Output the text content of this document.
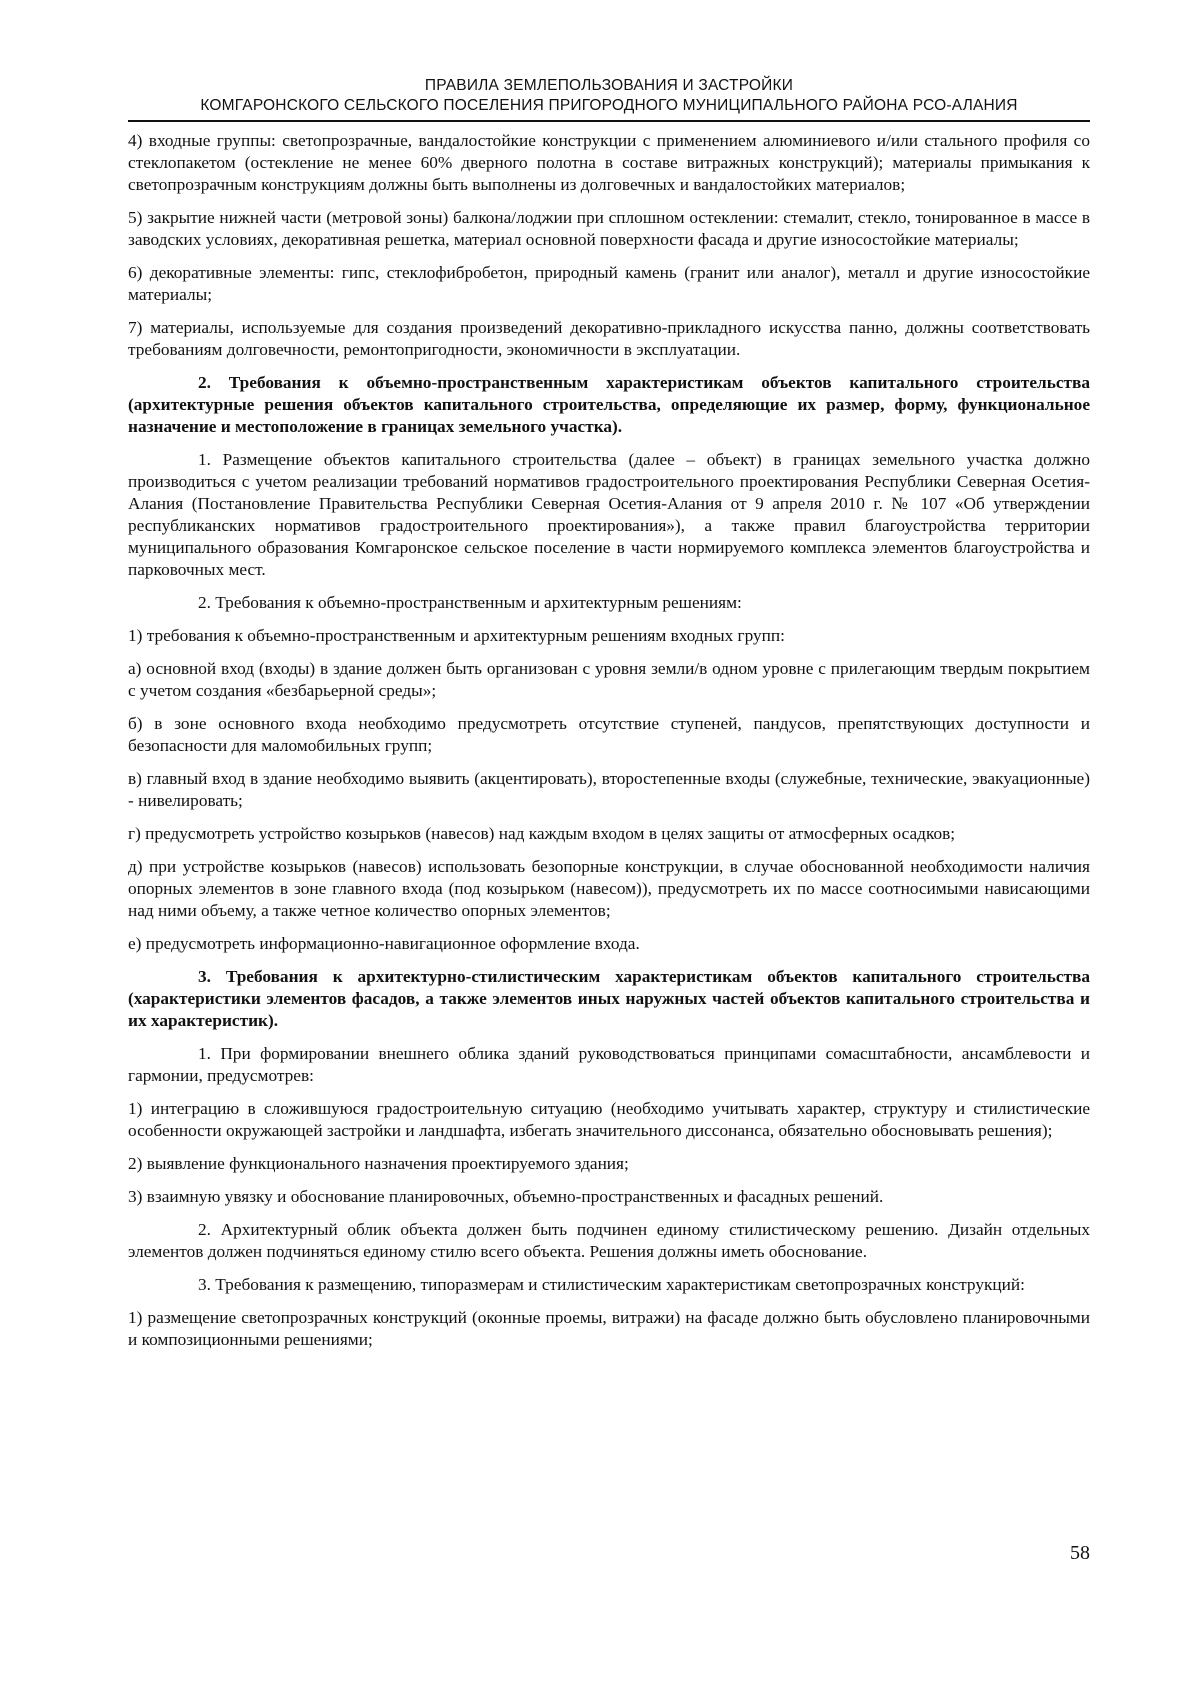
ПРАВИЛА ЗЕМЛЕПОЛЬЗОВАНИЯ И ЗАСТРОЙКИ
КОМГАРОНСКОГО СЕЛЬСКОГО ПОСЕЛЕНИЯ ПРИГОРОДНОГО МУНИЦИПАЛЬНОГО РАЙОНА РСО-АЛАНИЯ

4) входные группы: светопрозрачные, вандалостойкие конструкции с применением алюминиевого и/или стального профиля со стеклопакетом (остекление не менее 60% дверного полотна в составе витражных конструкций); материалы примыкания к светопрозрачным конструкциям должны быть выполнены из долговечных и вандалостойких материалов;

5) закрытие нижней части (метровой зоны) балкона/лоджии при сплошном остеклении: стемалит, стекло, тонированное в массе в заводских условиях, декоративная решетка, материал основной поверхности фасада и другие износостойкие материалы;

6) декоративные элементы: гипс, стеклофибробетон, природный камень (гранит или аналог), металл и другие износостойкие материалы;

7) материалы, используемые для создания произведений декоративно-прикладного искусства панно, должны соответствовать требованиям долговечности, ремонтопригодности, экономичности в эксплуатации.

2. Требования к объемно-пространственным характеристикам объектов капитального строительства (архитектурные решения объектов капитального строительства, определяющие их размер, форму, функциональное назначение и местоположение в границах земельного участка).

1. Размещение объектов капитального строительства (далее – объект) в границах земельного участка должно производиться с учетом реализации требований нормативов градостроительного проектирования Республики Северная Осетия-Алания (Постановление Правительства Республики Северная Осетия-Алания от 9 апреля 2010 г. № 107 «Об утверждении республиканских нормативов градостроительного проектирования»), а также правил благоустройства территории муниципального образования Комгаронское сельское поселение в части нормируемого комплекса элементов благоустройства и парковочных мест.

2. Требования к объемно-пространственным и архитектурным решениям:

1) требования к объемно-пространственным и архитектурным решениям входных групп:

а) основной вход (входы) в здание должен быть организован с уровня земли/в одном уровне с прилегающим твердым покрытием с учетом создания «безбарьерной среды»;

б) в зоне основного входа необходимо предусмотреть отсутствие ступеней, пандусов, препятствующих доступности и безопасности для маломобильных групп;

в) главный вход в здание необходимо выявить (акцентировать), второстепенные входы (служебные, технические, эвакуационные) - нивелировать;

г) предусмотреть устройство козырьков (навесов) над каждым входом в целях защиты от атмосферных осадков;

д) при устройстве козырьков (навесов) использовать безопорные конструкции, в случае обоснованной необходимости наличия опорных элементов в зоне главного входа (под козырьком (навесом)), предусмотреть их по массе соотносимыми нависающими над ними объему, а также четное количество опорных элементов;

е) предусмотреть информационно-навигационное оформление входа.

3. Требования к архитектурно-стилистическим характеристикам объектов капитального строительства (характеристики элементов фасадов, а также элементов иных наружных частей объектов капитального строительства и их характеристик).

1. При формировании внешнего облика зданий руководствоваться принципами сомасштабности, ансамблевости и гармонии, предусмотрев:

1) интеграцию в сложившуюся градостроительную ситуацию (необходимо учитывать характер, структуру и стилистические особенности окружающей застройки и ландшафта, избегать значительного диссонанса, обязательно обосновывать решения);

2) выявление функционального назначения проектируемого здания;

3) взаимную увязку и обоснование планировочных, объемно-пространственных и фасадных решений.

2. Архитектурный облик объекта должен быть подчинен единому стилистическому решению. Дизайн отдельных элементов должен подчиняться единому стилю всего объекта. Решения должны иметь обоснование.

3. Требования к размещению, типоразмерам и стилистическим характеристикам светопрозрачных конструкций:

1) размещение светопрозрачных конструкций (оконные проемы, витражи) на фасаде должно быть обусловлено планировочными и композиционными решениями;

58
